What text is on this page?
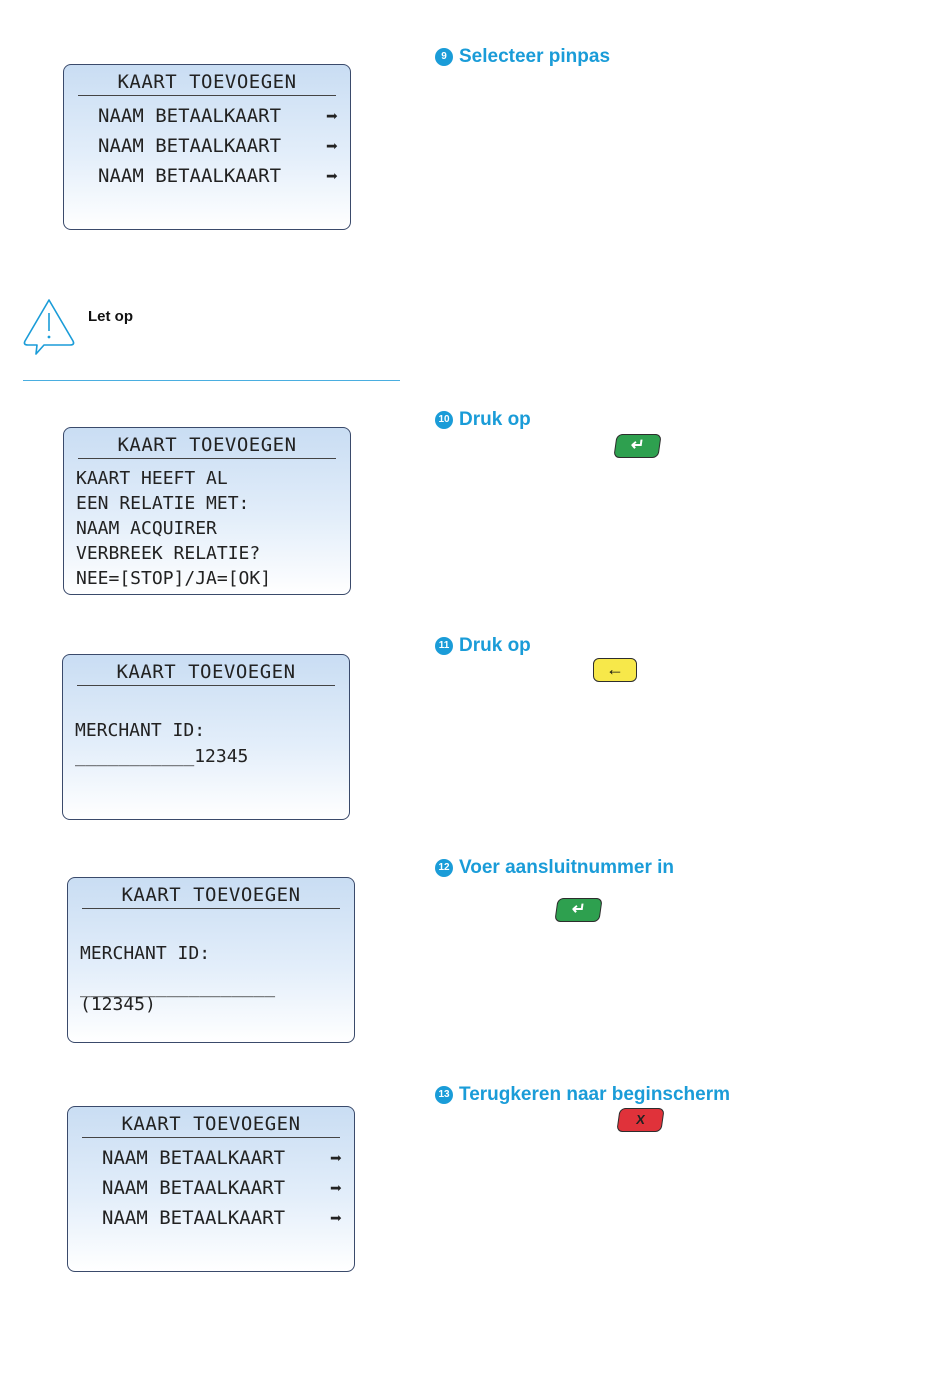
KAART TOEVOEGEN
NAAM BETAALKAART ➡
NAAM BETAALKAART ➡
NAAM BETAALKAART ➡
9 Selecteer pinpas
Let op
KAART TOEVOEGEN
KAART HEEFT AL
EEN RELATIE MET:
NAAM ACQUIRER
VERBREEK RELATIE?
NEE=[STOP]/JA=[OK]
10 Druk op
↵
KAART TOEVOEGEN
MERCHANT ID:
___________12345
11 Druk op
←
KAART TOEVOEGEN
MERCHANT ID:
__________________
(12345)
12 Voer aansluitnummer in
↵
KAART TOEVOEGEN
NAAM BETAALKAART ➡
NAAM BETAALKAART ➡
NAAM BETAALKAART ➡
13 Terugkeren naar beginscherm
X
